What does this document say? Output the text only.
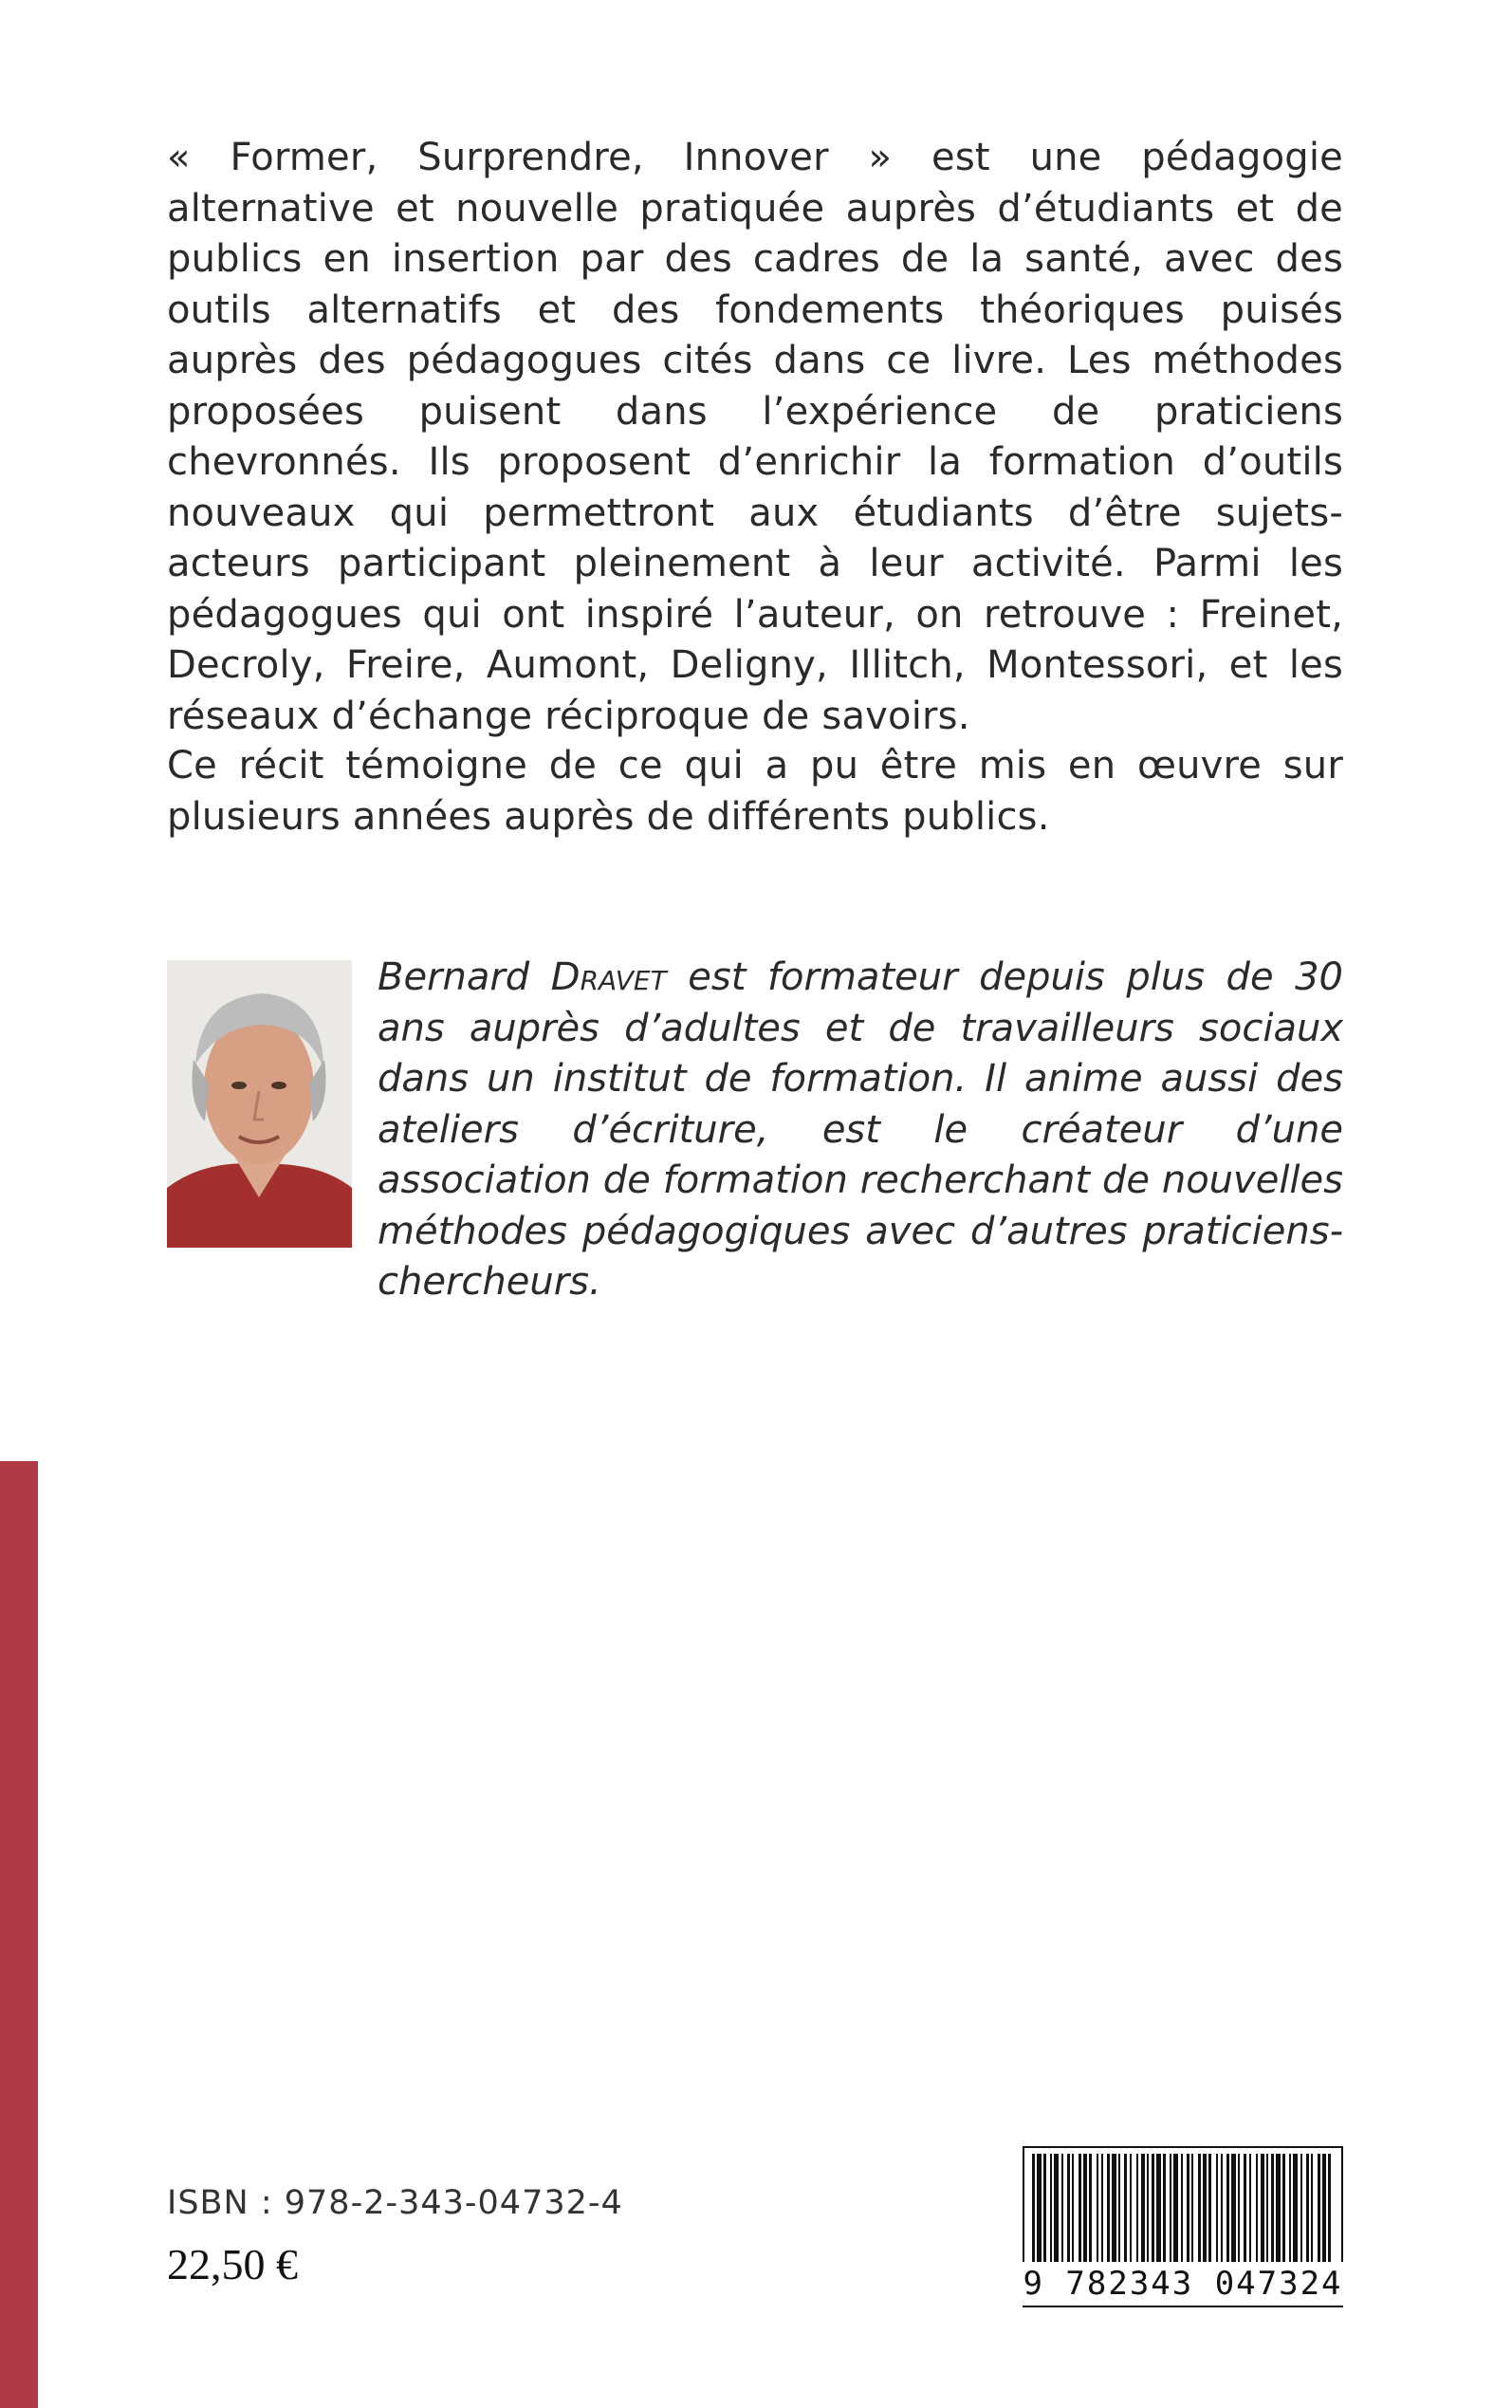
« Former, Surprendre, Innover » est une pédagogie alternative et nouvelle pratiquée auprès d’étudiants et de publics en insertion par des cadres de la santé, avec des outils alternatifs et des fondements théoriques puisés auprès des pédagogues cités dans ce livre. Les méthodes proposées puisent dans l’expérience de praticiens chevronnés. Ils proposent d’enrichir la formation d’outils nouveaux qui permettront aux étudiants d’être sujets-acteurs participant pleinement à leur activité. Parmi les pédagogues qui ont inspiré l’auteur, on retrouve : Freinet, Decroly, Freire, Aumont, Deligny, Illitch, Montessori, et les réseaux d’échange réciproque de savoirs.

Ce récit témoigne de ce qui a pu être mis en œuvre sur plusieurs années auprès de différents publics.

Bernard Dravet est formateur depuis plus de 30 ans auprès d’adultes et de travailleurs sociaux dans un institut de formation. Il anime aussi des ateliers d’écriture, est le créateur d’une association de formation recherchant de nouvelles méthodes pédagogiques avec d’autres praticiens-chercheurs.

ISBN : 978-2-343-04732-4
22,50 €	9 782343 047324
